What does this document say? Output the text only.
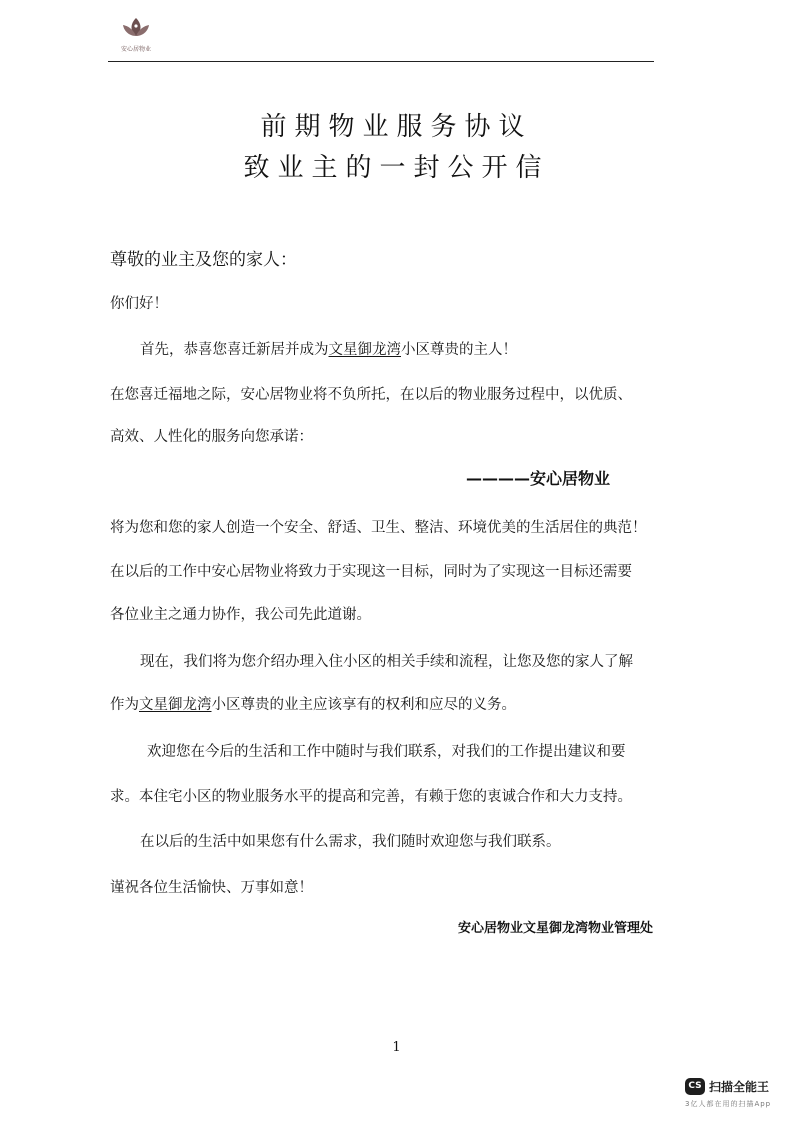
安心居物业
前期物业服务协议
致业主的一封公开信
尊敬的业主及您的家人：
你们好！
首先，恭喜您喜迁新居并成为文星御龙湾小区尊贵的主人！
在您喜迁福地之际，安心居物业将不负所托，在以后的物业服务过程中，以优质、
高效、人性化的服务向您承诺：
————安心居物业
将为您和您的家人创造一个安全、舒适、卫生、整洁、环境优美的生活居住的典范！
在以后的工作中安心居物业将致力于实现这一目标，同时为了实现这一目标还需要
各位业主之通力协作，我公司先此道谢。
现在，我们将为您介绍办理入住小区的相关手续和流程，让您及您的家人了解
作为文星御龙湾小区尊贵的业主应该享有的权利和应尽的义务。
欢迎您在今后的生活和工作中随时与我们联系，对我们的工作提出建议和要
求。本住宅小区的物业服务水平的提高和完善，有赖于您的衷诚合作和大力支持。
在以后的生活中如果您有什么需求，我们随时欢迎您与我们联系。
谨祝各位生活愉快、万事如意！
安心居物业文星御龙湾物业管理处
1
CS 扫描全能王
3亿人都在用的扫描App
